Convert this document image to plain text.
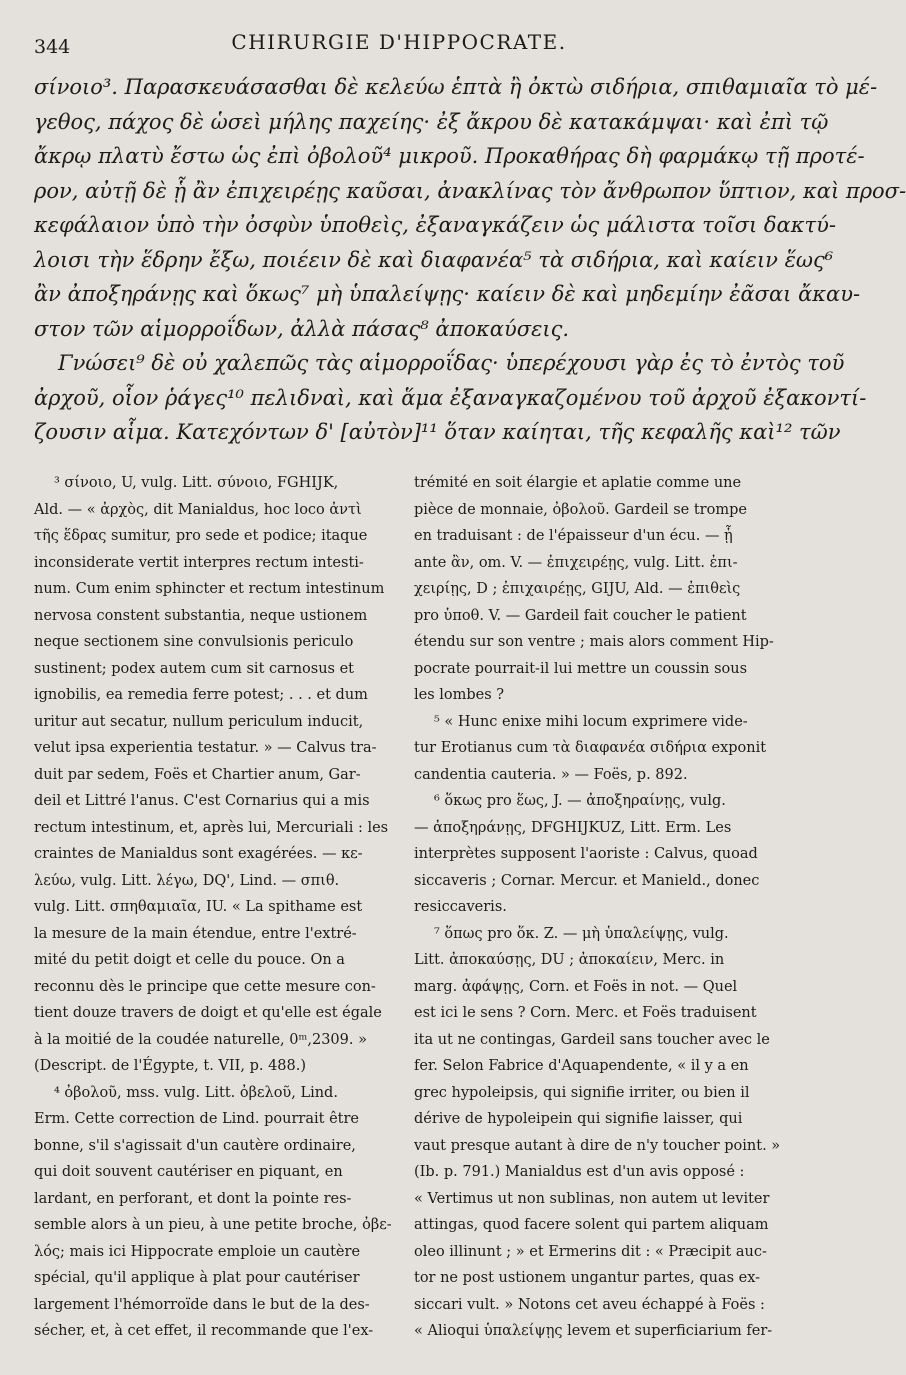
344	CHIRURGIE D'HIPPOCRATE.

σίνοιο³. Παρασκευάσασθαι δὲ κελεύω ἑπτὰ ἢ ὀκτὼ σιδήρια, σπιθαμιαῖα τὸ μέ-
γεθος, πάχος δὲ ὡσεὶ μήλης παχείης· ἐξ ἄκρου δὲ κατακάμψαι· καὶ ἐπὶ τῷ
ἄκρῳ πλατὺ ἔστω ὡς ἐπὶ ὀβολοῦ⁴ μικροῦ. Προκαθήρας δὴ φαρμάκῳ τῇ προτέ-
ρον, αὐτῇ δὲ ᾗ ἂν ἐπιχειρέῃς καῦσαι, ἀνακλίνας τὸν ἄνθρωπον ὕπτιον, καὶ προσ-
κεφάλαιον ὑπὸ τὴν ὀσφὺν ὑποθεὶς, ἐξαναγκάζειν ὡς μάλιστα τοῖσι δακτύ-
λοισι τὴν ἕδρην ἔξω, ποιέειν δὲ καὶ διαφανέα⁵ τὰ σιδήρια, καὶ καίειν ἕως⁶
ἂν ἀποξηράνῃς καὶ ὅκως⁷ μὴ ὑπαλείψῃς· καίειν δὲ καὶ μηδεμίην ἐᾶσαι ἄκαυ-
στον τῶν αἱμορροΐδων, ἀλλὰ πάσας⁸ ἀποκαύσεις.
Γνώσει⁹ δὲ οὐ χαλεπῶς τὰς αἱμορροΐδας· ὑπερέχουσι γὰρ ἐς τὸ ἐντὸς τοῦ
ἀρχοῦ, οἷον ῥάγες¹⁰ πελιδναὶ, καὶ ἅμα ἐξαναγκαζομένου τοῦ ἀρχοῦ ἐξακοντί-
ζουσιν αἷμα. Κατεχόντων δ' [αὐτὸν]¹¹ ὅταν καίηται, τῆς κεφαλῆς καὶ¹² τῶν

³ σίνοιο, U, vulg. Litt. σύνοιο, FGHIJK,
Ald. — « ἀρχὸς, dit Manialdus, hoc loco ἀντὶ
τῆς ἕδρας sumitur, pro sede et podice; itaque
inconsiderate vertit interpres rectum intesti-
num. Cum enim sphincter et rectum intestinum
nervosa constent substantia, neque ustionem
neque sectionem sine convulsionis periculo
sustinent; podex autem cum sit carnosus et
ignobilis, ea remedia ferre potest; . . . et dum
uritur aut secatur, nullum periculum inducit,
velut ipsa experientia testatur. » — Calvus tra-
duit par sedem, Foës et Chartier anum, Gar-
deil et Littré l'anus. C'est Cornarius qui a mis
rectum intestinum, et, après lui, Mercuriali : les
craintes de Manialdus sont exagérées. — κε-
λεύω, vulg. Litt. λέγω, DQ', Lind. — σπιθ.
vulg. Litt. σπηθαμιαῖα, IU. « La spithame est
la mesure de la main étendue, entre l'extré-
mité du petit doigt et celle du pouce. On a
reconnu dès le principe que cette mesure con-
tient douze travers de doigt et qu'elle est égale
à la moitié de la coudée naturelle, 0ᵐ,2309. »
(Descript. de l'Égypte, t. VII, p. 488.)
⁴ ὀβολοῦ, mss. vulg. Litt. ὀβελοῦ, Lind.
Erm. Cette correction de Lind. pourrait être
bonne, s'il s'agissait d'un cautère ordinaire,
qui doit souvent cautériser en piquant, en
lardant, en perforant, et dont la pointe res-
semble alors à un pieu, à une petite broche, ὀβε-
λός; mais ici Hippocrate emploie un cautère
spécial, qu'il applique à plat pour cautériser
largement l'hémorroïde dans le but de la des-
sécher, et, à cet effet, il recommande que l'ex-
trémité en soit élargie et aplatie comme une
pièce de monnaie, ὀβολοῦ. Gardeil se trompe
en traduisant : de l'épaisseur d'un écu. — ᾗ
ante ἂν, om. V. — ἐπιχειρέῃς, vulg. Litt. ἐπι-
χειρίῃς, D ; ἐπιχαιρέῃς, GIJU, Ald. — ἐπιθεὶς
pro ὑποθ. V. — Gardeil fait coucher le patient
étendu sur son ventre ; mais alors comment Hip-
pocrate pourrait-il lui mettre un coussin sous
les lombes ?
⁵ « Hunc enixe mihi locum exprimere vide-
tur Erotianus cum τὰ διαφανέα σιδήρια exponit
candentia cauteria. » — Foës, p. 892.
⁶ ὅκως pro ἕως, J. — ἀποξηραίνῃς, vulg.
— ἀποξηράνῃς, DFGHIJKUZ, Litt. Erm. Les
interprètes supposent l'aoriste : Calvus, quoad
siccaveris ; Cornar. Mercur. et Manield., donec
resiccaveris.
⁷ ὅπως pro ὅκ. Z. — μὴ ὑπαλείψῃς, vulg.
Litt. ἀποκαύσῃς, DU ; ἀποκαίειν, Merc. in
marg. ἀφάψῃς, Corn. et Foës in not. — Quel
est ici le sens ? Corn. Merc. et Foës traduisent
ita ut ne contingas, Gardeil sans toucher avec le
fer. Selon Fabrice d'Aquapendente, « il y a en
grec hypoleipsis, qui signifie irriter, ou bien il
dérive de hypoleipein qui signifie laisser, qui
vaut presque autant à dire de n'y toucher point. »
(Ib. p. 791.) Manialdus est d'un avis opposé :
« Vertimus ut non sublinas, non autem ut leviter
attingas, quod facere solent qui partem aliquam
oleo illinunt ; » et Ermerins dit : « Præcipit auc-
tor ne post ustionem ungantur partes, quas ex-
siccari vult. » Notons cet aveu échappé à Foës :
« Alioqui ὑπαλείψῃς levem et superficiarium fer-
